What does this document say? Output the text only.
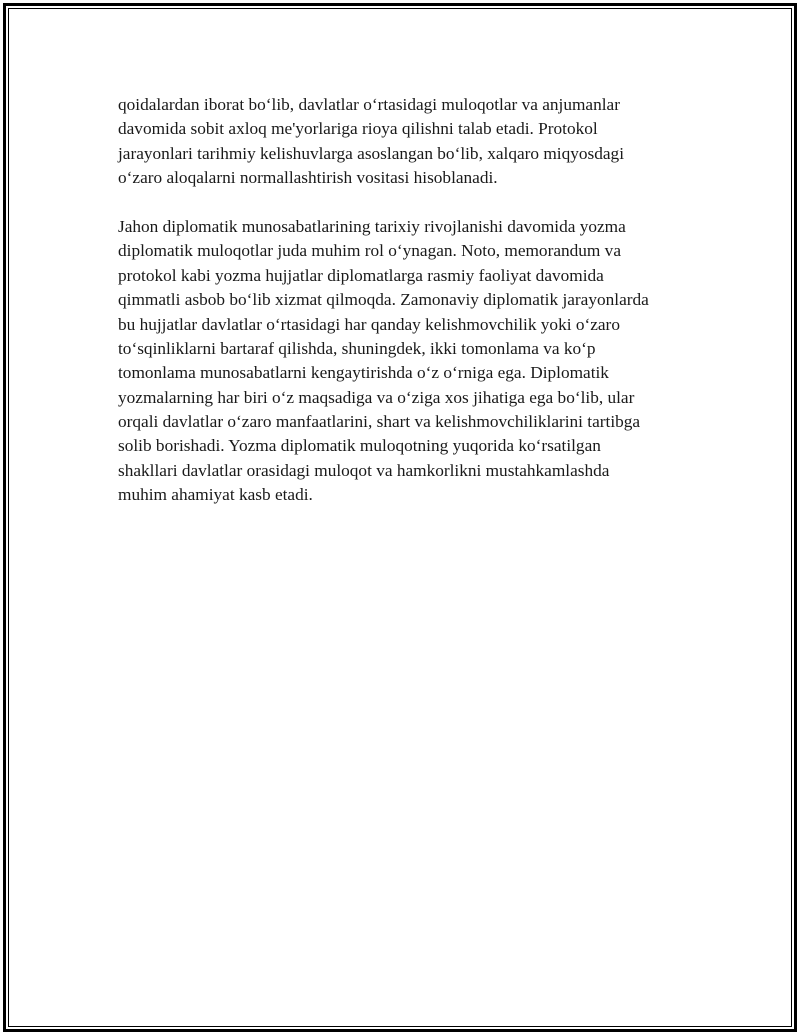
qoidalardan iborat bo‘lib, davlatlar o‘rtasidagi muloqotlar va anjumanlar
davomida sobit axloq me'yorlariga rioya qilishni talab etadi. Protokol
jarayonlari tarihmiy kelishuvlarga asoslangan bo‘lib, xalqaro miqyosdagi
o‘zaro aloqalarni normallashtirish vositasi hisoblanadi.

Jahon diplomatik munosabatlarining tarixiy rivojlanishi davomida yozma
diplomatik muloqotlar juda muhim rol o‘ynagan. Noto, memorandum va
protokol kabi yozma hujjatlar diplomatlarga rasmiy faoliyat davomida
qimmatli asbob bo‘lib xizmat qilmoqda. Zamonaviy diplomatik jarayonlarda
bu hujjatlar davlatlar o‘rtasidagi har qanday kelishmovchilik yoki o‘zaro
to‘sqinliklarni bartaraf qilishda, shuningdek, ikki tomonlama va ko‘p
tomonlama munosabatlarni kengaytirishda o‘z o‘rniga ega. Diplomatik
yozmalarning har biri o‘z maqsadiga va o‘ziga xos jihatiga ega bo‘lib, ular
orqali davlatlar o‘zaro manfaatlarini, shart va kelishmovchiliklarini tartibga
solib borishadi. Yozma diplomatik muloqotning yuqorida ko‘rsatilgan
shakllari davlatlar orasidagi muloqot va hamkorlikni mustahkamlashda
muhim ahamiyat kasb etadi.
